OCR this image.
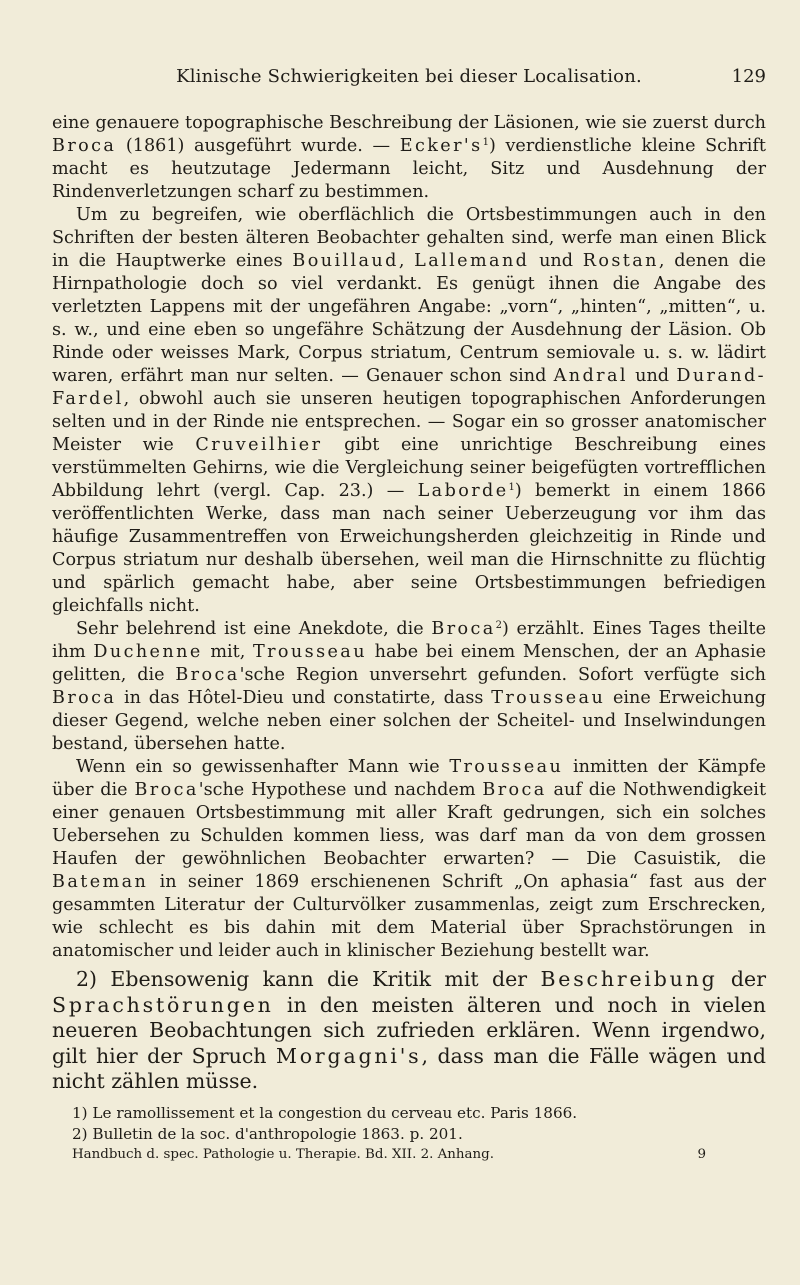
Klinische Schwierigkeiten bei dieser Localisation.	129

eine genauere topographische Beschreibung der Läsionen, wie sie zuerst durch Broca (1861) ausgeführt wurde. — $Ecker's^1$) verdienstliche kleine Schrift macht es heutzutage Jedermann leicht, Sitz und Ausdehnung der Rindenverletzungen scharf zu bestimmen.

Um zu begreifen, wie oberflächlich die Ortsbestimmungen auch in den Schriften der besten älteren Beobachter gehalten sind, werfe man einen Blick in die Hauptwerke eines Bouillaud, Lallemand und Rostan, denen die Hirnpathologie doch so viel verdankt. Es genügt ihnen die Angabe des verletzten Lappens mit der ungefähren Angabe: „vorn“, „hinten“, „mitten“, u. s. w., und eine eben so ungefähre Schätzung der Ausdehnung der Läsion. Ob Rinde oder weisses Mark, Corpus striatum, Centrum semiovale u. s. w. lädirt waren, erfährt man nur selten. — Genauer schon sind Andral und Durand-Fardel, obwohl auch sie unseren heutigen topographischen Anforderungen selten und in der Rinde nie entsprechen. — Sogar ein so grosser anatomischer Meister wie Cruveilhier gibt eine unrichtige Beschreibung eines verstümmelten Gehirns, wie die Vergleichung seiner beigefügten vortrefflichen Abbildung lehrt (vergl. Cap. 23.) — Laborde$^1$) bemerkt in einem 1866 veröffentlichten Werke, dass man nach seiner Ueberzeugung vor ihm das häufige Zusammentreffen von Erweichungsherden gleichzeitig in Rinde und Corpus striatum nur deshalb übersehen, weil man die Hirnschnitte zu flüchtig und spärlich gemacht habe, aber seine Ortsbestimmungen befriedigen gleichfalls nicht.

Sehr belehrend ist eine Anekdote, die Broca$^2$) erzählt. Eines Tages theilte ihm Duchenne mit, Trousseau habe bei einem Menschen, der an Aphasie gelitten, die Broca'sche Region unversehrt gefunden. Sofort verfügte sich Broca in das Hôtel-Dieu und constatirte, dass Trousseau eine Erweichung dieser Gegend, welche neben einer solchen der Scheitel- und Inselwindungen bestand, übersehen hatte.

Wenn ein so gewissenhafter Mann wie Trousseau inmitten der Kämpfe über die Broca'sche Hypothese und nachdem Broca auf die Nothwendigkeit einer genauen Ortsbestimmung mit aller Kraft gedrungen, sich ein solches Uebersehen zu Schulden kommen liess, was darf man da von dem grossen Haufen der gewöhnlichen Beobachter erwarten? — Die Casuistik, die Bateman in seiner 1869 erschienenen Schrift „On aphasia“ fast aus der gesammten Literatur der Culturvölker zusammenlas, zeigt zum Erschrecken, wie schlecht es bis dahin mit dem Material über Sprachstörungen in anatomischer und leider auch in klinischer Beziehung bestellt war.

2) Ebensowenig kann die Kritik mit der Beschreibung der Sprachstörungen in den meisten älteren und noch in vielen neueren Beobachtungen sich zufrieden erklären. Wenn irgendwo, gilt hier der Spruch Morgagni's, dass man die Fälle wägen und nicht zählen müsse.

1) Le ramollissement et la congestion du cerveau etc. Paris 1866.
2) Bulletin de la soc. d'anthropologie 1863. p. 201.
Handbuch d. spec. Pathologie u. Therapie. Bd. XII. 2. Anhang.	9
